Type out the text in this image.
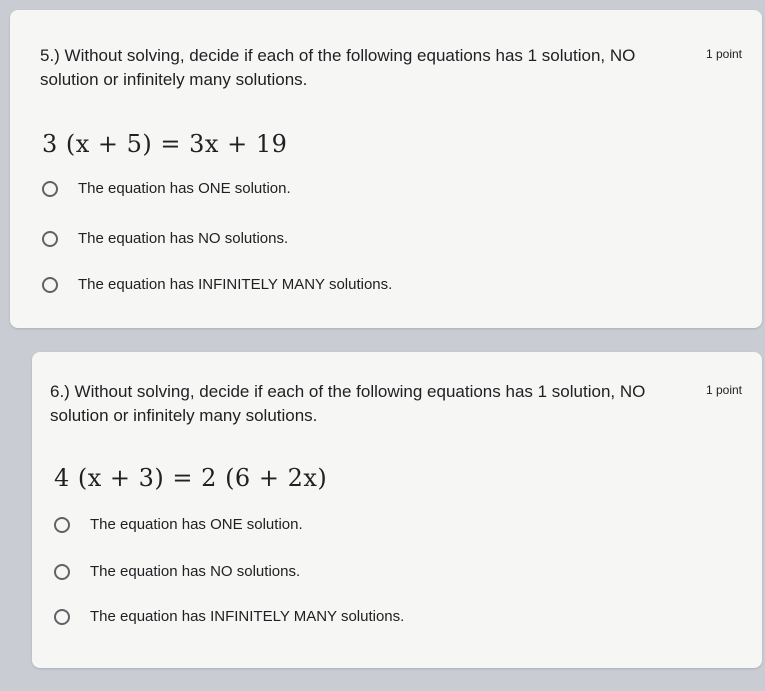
5.) Without solving, decide if each of the following equations has 1 solution, NO solution or infinitely many solutions.
1 point
3 (x + 5) = 3x + 19
The equation has ONE solution.
The equation has NO solutions.
The equation has INFINITELY MANY solutions.
6.) Without solving, decide if each of the following equations has 1 solution, NO solution or infinitely many solutions.
1 point
4 (x + 3) = 2 (6 + 2x)
The equation has ONE solution.
The equation has NO solutions.
The equation has INFINITELY MANY solutions.
